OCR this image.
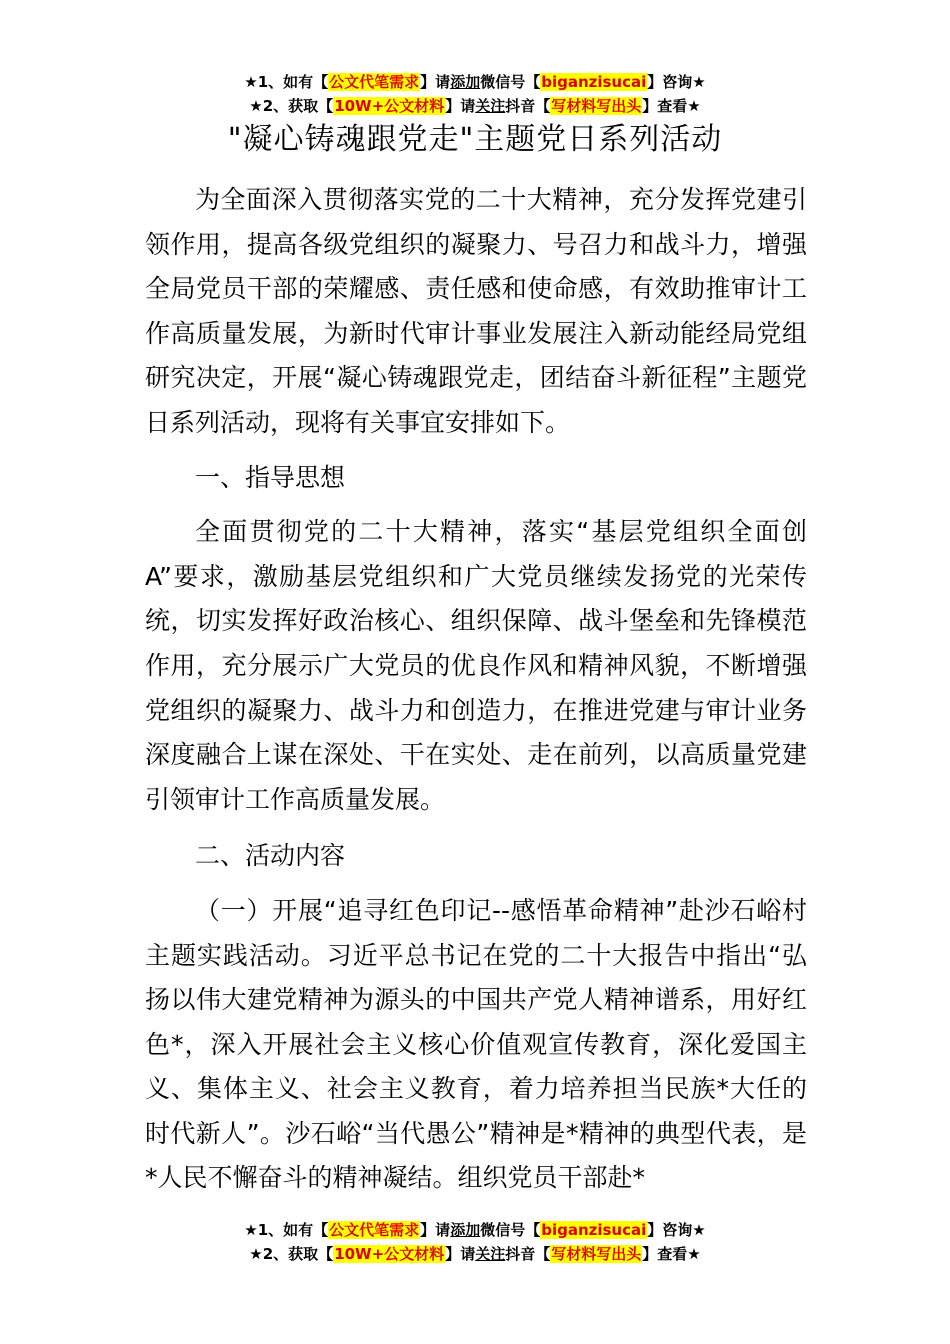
★1、如有【公文代笔需求】请添加微信号【biganzisucai】咨询★
★2、获取【10W+公文材料】请关注抖音【写材料写出头】查看★
"凝心铸魂跟党走"主题党日系列活动

为全面深入贯彻落实党的二十大精神，充分发挥党建引领作用，提高各级党组织的凝聚力、号召力和战斗力，增强全局党员干部的荣耀感、责任感和使命感，有效助推审计工作高质量发展，为新时代审计事业发展注入新动能经局党组研究决定，开展“凝心铸魂跟党走，团结奋斗新征程”主题党日系列活动，现将有关事宜安排如下。

一、指导思想

全面贯彻党的二十大精神，落实“基层党组织全面创A”要求，激励基层党组织和广大党员继续发扬党的光荣传统，切实发挥好政治核心、组织保障、战斗堡垒和先锋模范作用，充分展示广大党员的优良作风和精神风貌，不断增强党组织的凝聚力、战斗力和创造力，在推进党建与审计业务深度融合上谋在深处、干在实处、走在前列，以高质量党建引领审计工作高质量发展。

二、活动内容

（一）开展“追寻红色印记--感悟革命精神”赴沙石峪村主题实践活动。习近平总书记在党的二十大报告中指出“弘扬以伟大建党精神为源头的中国共产党人精神谱系，用好红色*，深入开展社会主义核心价值观宣传教育，深化爱国主义、集体主义、社会主义教育，着力培养担当民族*大任的时代新人”。沙石峪“当代愚公”精神是*精神的典型代表，是*人民不懈奋斗的精神凝结。组织党员干部赴*

★1、如有【公文代笔需求】请添加微信号【biganzisucai】咨询★
★2、获取【10W+公文材料】请关注抖音【写材料写出头】查看★
